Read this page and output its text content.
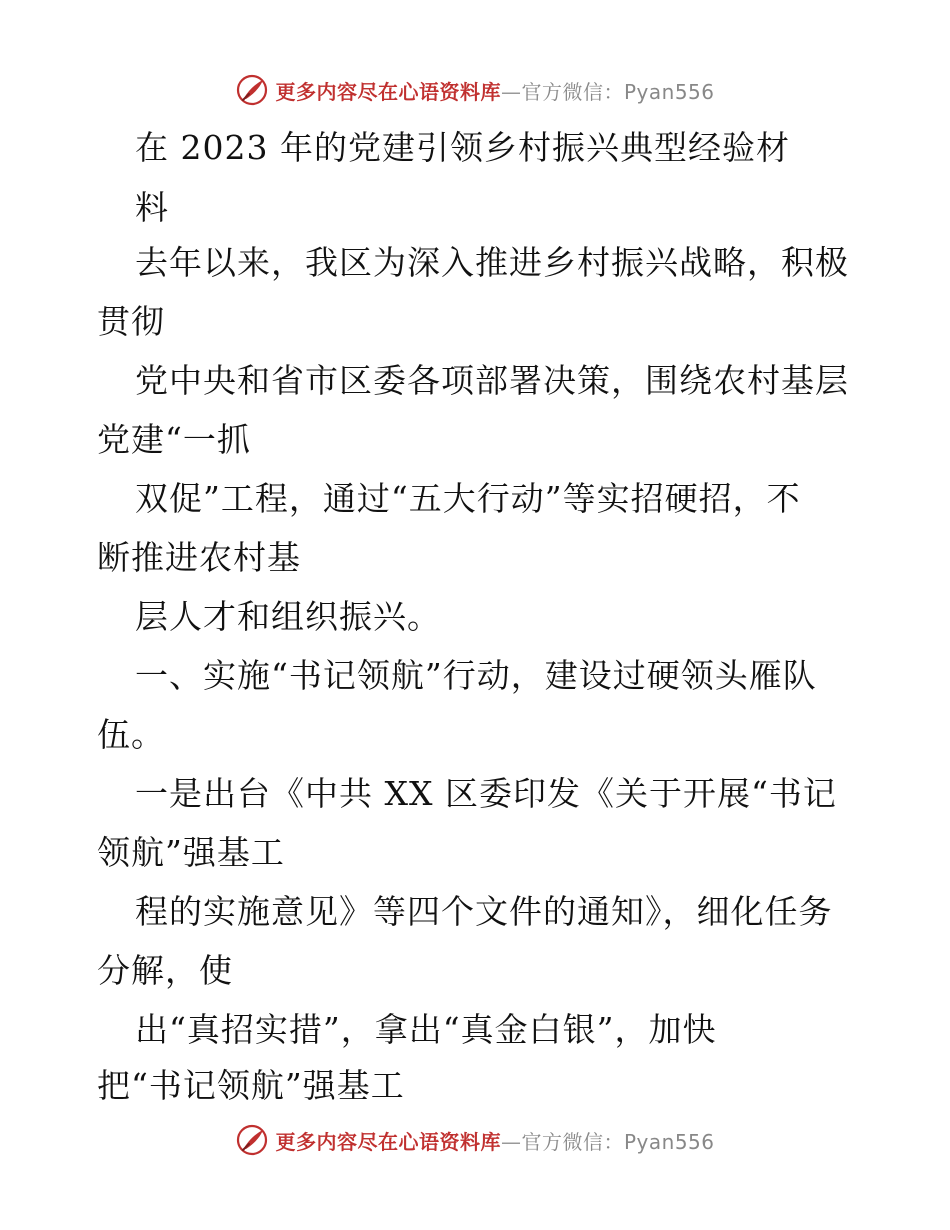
更多内容尽在心语资料库—官方微信：Pyan556
在 2023 年的党建引领乡村振兴典型经验材
料
去年以来，我区为深入推进乡村振兴战略，积极
贯彻
党中央和省市区委各项部署决策，围绕农村基层
党建“一抓
双促”工程，通过“五大行动”等实招硬招，不
断推进农村基
层人才和组织振兴。
一、实施“书记领航”行动，建设过硬领头雁队
伍。
一是出台《中共 XX 区委印发《关于开展“书记
领航”强基工
程的实施意见》等四个文件的通知》，细化任务
分解，使
出“真招实措”，拿出“真金白银”，加快
把“书记领航”强基工
更多内容尽在心语资料库—官方微信：Pyan556
